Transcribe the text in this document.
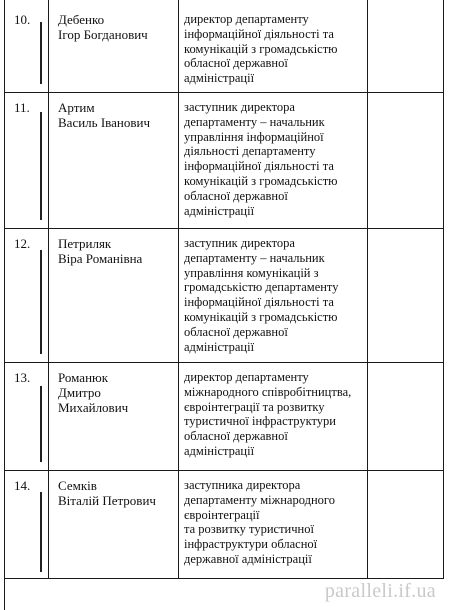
10. Дебенко
Ігор Богданович
директор департаменту
інформаційної діяльності та
комунікацій з громадськістю
обласної державної
адміністрації
11. Артим
Василь Іванович
заступник директора
департаменту – начальник
управління інформаційної
діяльності департаменту
інформаційної діяльності та
комунікацій з громадськістю
обласної державної
адміністрації
12. Петриляк
Віра Романівна
заступник директора
департаменту – начальник
управління комунікацій з
громадськістю департаменту
інформаційної діяльності та
комунікацій з громадськістю
обласної державної
адміністрації
13. Романюк
Дмитро
Михайлович
директор департаменту
міжнародного співробітництва,
євроінтеграції та розвитку
туристичної інфраструктури
обласної державної
адміністрації
14. Семків
Віталій Петрович
заступника директора
департаменту міжнародного
євроінтеграції
та розвитку туристичної
інфраструктури обласної
державної адміністрації
paralleli.if.ua
